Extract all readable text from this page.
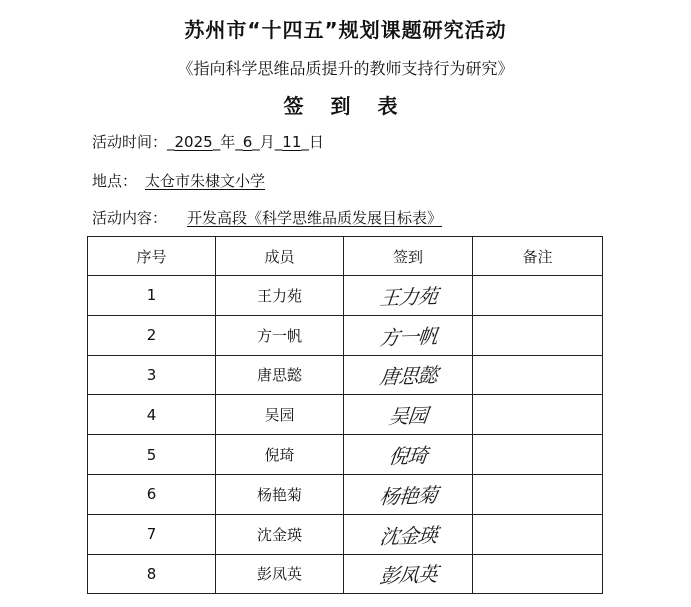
苏州市“十四五”规划课题研究活动
《指向科学思维品质提升的教师支持行为研究》
签 到 表
活动时间：_2025_年_6_月_11_日
地点： 太仓市朱棣文小学
活动内容： 开发高段《科学思维品质发展目标表》
序号	成员	签到	备注
1	王力苑	王力苑	
2	方一帆	方一帆	
3	唐思懿	唐思懿	
4	吴园	吴园	
5	倪琦	倪琦	
6	杨艳菊	杨艳菊	
7	沈金瑛	沈金瑛	
8	彭凤英	彭凤英	
